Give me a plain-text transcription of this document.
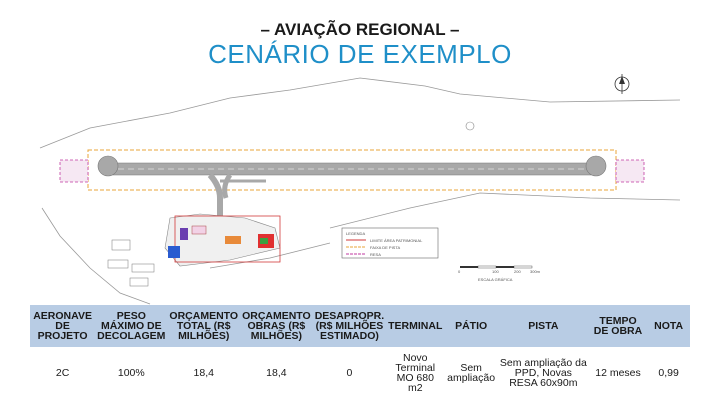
– AVIAÇÃO REGIONAL –
CENÁRIO DE EXEMPLO
LEGENDA
LIMITE ÁREA PATRIMONIAL
FAIXA DE PISTA
RESA
0	100	200 300m
ESCALA GRÁFICA
AERONAVE DE PROJETO	PESO MÁXIMO DE DECOLAGEM	ORÇAMENTO TOTAL (R$ MILHÕES)	ORÇAMENTO OBRAS (R$ MILHÕES)	DESAPROPR. (R$ MILHÕES ESTIMADO)	TERMINAL	PÁTIO	PISTA	TEMPO DE OBRA	NOTA
2C	100%	18,4	18,4	0	Novo Terminal MO 680 m2	Sem ampliação	Sem ampliação da PPD, Novas RESA 60x90m	12 meses	0,99
